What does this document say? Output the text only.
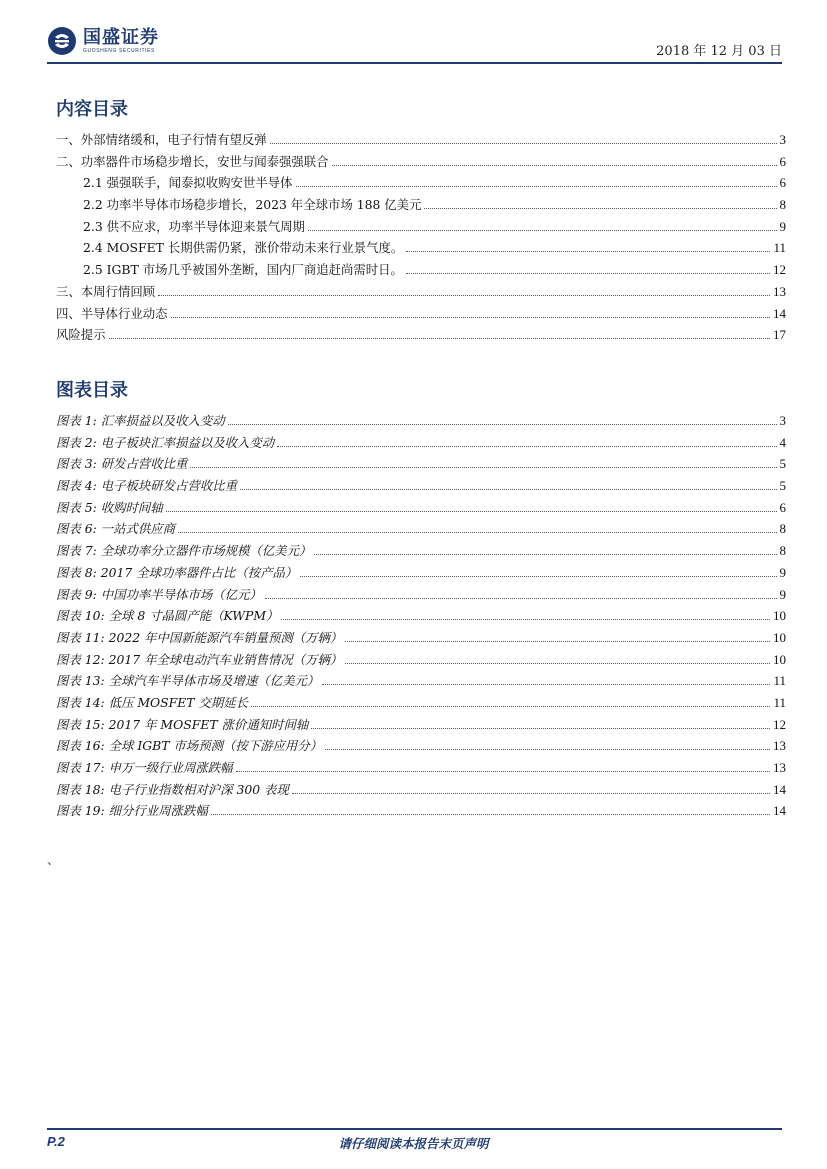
国盛证券
GUOSHENG SECURITIES	2018 年 12 月 03 日
内容目录
一、外部情绪缓和，电子行情有望反弹	3
二、功率器件市场稳步增长，安世与闻泰强强联合	6
2.1 强强联手，闻泰拟收购安世半导体	6
2.2 功率半导体市场稳步增长，2023 年全球市场 188 亿美元	8
2.3 供不应求，功率半导体迎来景气周期	9
2.4 MOSFET 长期供需仍紧，涨价带动未来行业景气度。	11
2.5 IGBT 市场几乎被国外垄断，国内厂商追赶尚需时日。	12
三、本周行情回顾	13
四、半导体行业动态	14
风险提示	17
图表目录
图表 1: 汇率损益以及收入变动	3
图表 2: 电子板块汇率损益以及收入变动	4
图表 3: 研发占营收比重	5
图表 4: 电子板块研发占营收比重	5
图表 5: 收购时间轴	6
图表 6: 一站式供应商	8
图表 7: 全球功率分立器件市场规模（亿美元）	8
图表 8: 2017 全球功率器件占比（按产品）	9
图表 9: 中国功率半导体市场（亿元）	9
图表 10: 全球 8 寸晶圆产能（KWPM）	10
图表 11: 2022 年中国新能源汽车销量预测（万辆）	10
图表 12: 2017 年全球电动汽车业销售情况（万辆）	10
图表 13: 全球汽车半导体市场及增速（亿美元）	11
图表 14: 低压 MOSFET 交期延长	11
图表 15: 2017 年 MOSFET 涨价通知时间轴	12
图表 16: 全球 IGBT 市场预测（按下游应用分）	13
图表 17: 申万一级行业周涨跌幅	13
图表 18: 电子行业指数相对沪深 300 表现	14
图表 19: 细分行业周涨跌幅	14
、
P.2	请仔细阅读本报告末页声明
